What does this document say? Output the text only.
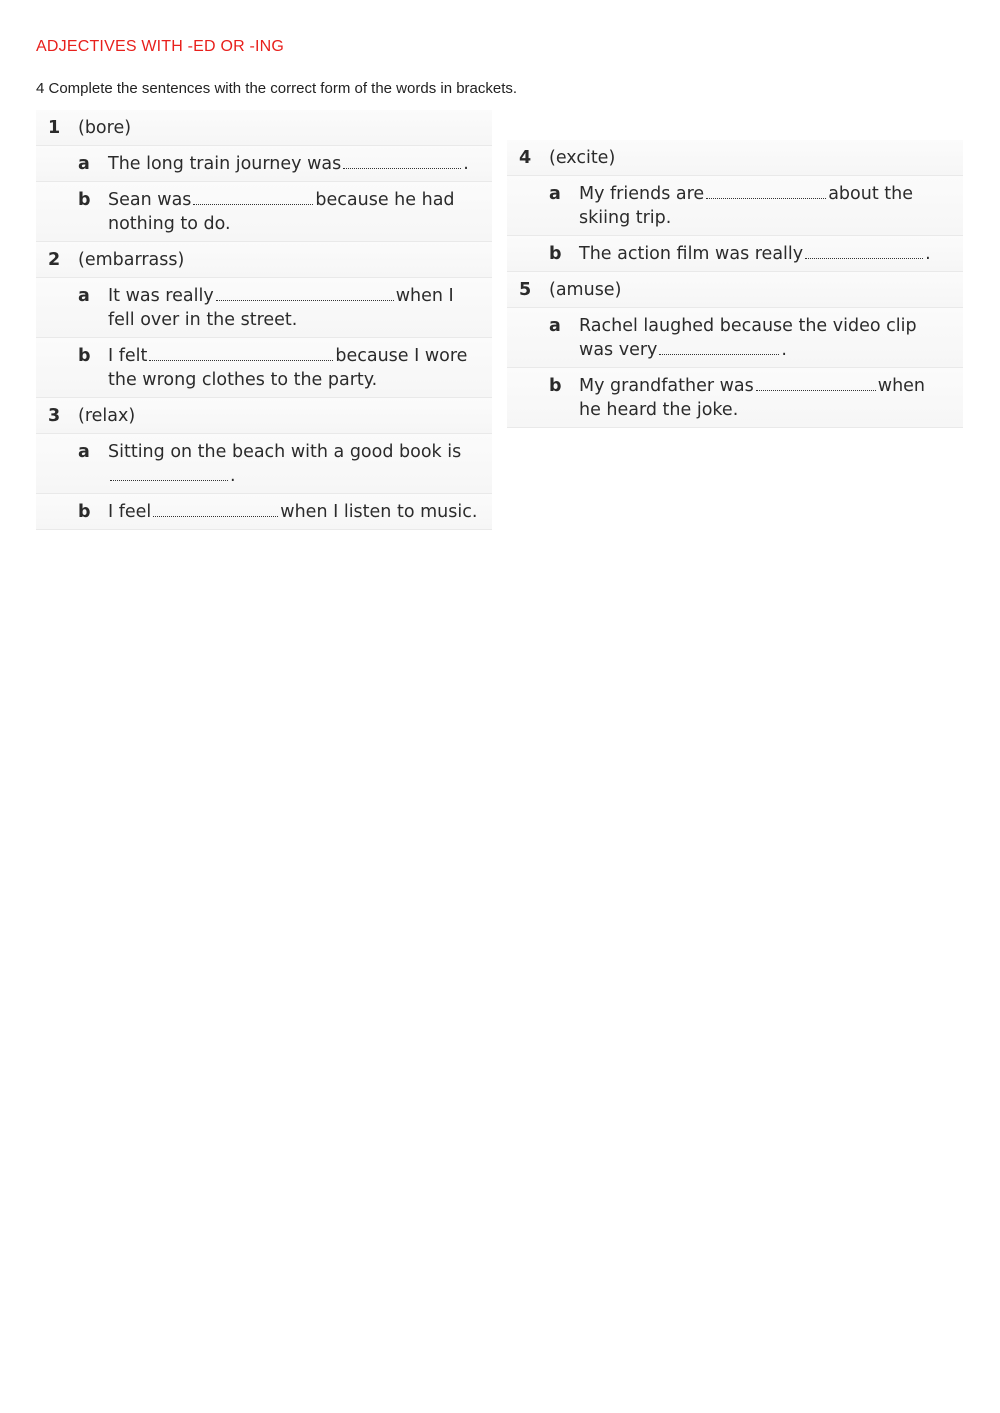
ADJECTIVES WITH -ED OR -ING
4 Complete the sentences with the correct form of the words in brackets.
1 (bore)
a The long train journey was	.
b Sean was	because he had
nothing to do.
2 (embarrass)
a It was really	when I
fell over in the street.
b I felt	because I wore
the wrong clothes to the party.
3 (relax)
a Sitting on the beach with a good book is
.
b I feel	when I listen to music.
4 (excite)
a My friends are	about the
skiing trip.
b The action film was really	.
5 (amuse)
a Rachel laughed because the video clip
was very	.
b My grandfather was	when
he heard the joke.
